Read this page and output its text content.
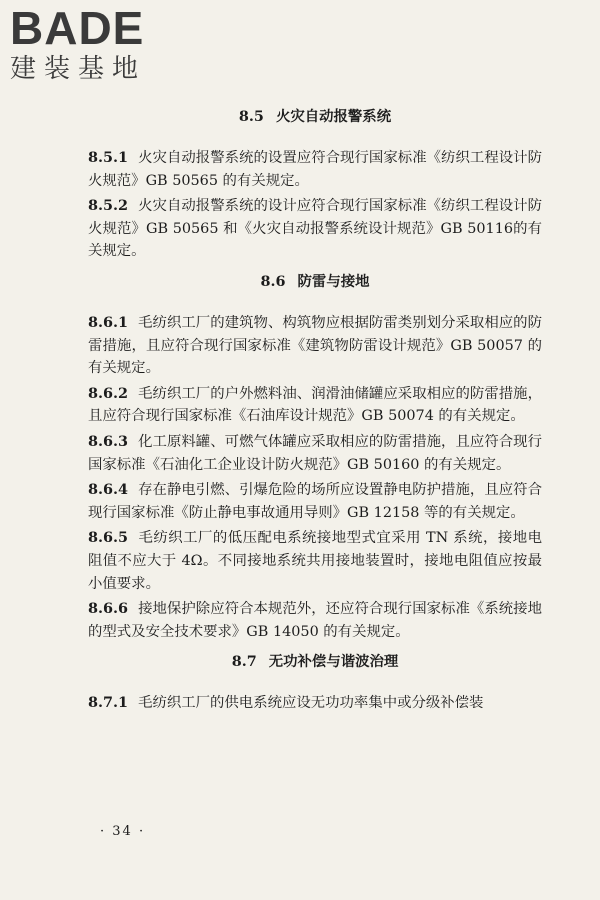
BADE
建装基地
8.5 火灾自动报警系统

8.5.1 火灾自动报警系统的设置应符合现行国家标准《纺织工程设计防火规范》GB 50565 的有关规定。

8.5.2 火灾自动报警系统的设计应符合现行国家标准《纺织工程设计防火规范》GB 50565 和《火灾自动报警系统设计规范》GB 50116的有关规定。

8.6 防雷与接地

8.6.1 毛纺织工厂的建筑物、构筑物应根据防雷类别划分采取相应的防雷措施，且应符合现行国家标准《建筑物防雷设计规范》GB 50057 的有关规定。

8.6.2 毛纺织工厂的户外燃料油、润滑油储罐应采取相应的防雷措施，且应符合现行国家标准《石油库设计规范》GB 50074 的有关规定。

8.6.3 化工原料罐、可燃气体罐应采取相应的防雷措施，且应符合现行国家标准《石油化工企业设计防火规范》GB 50160 的有关规定。

8.6.4 存在静电引燃、引爆危险的场所应设置静电防护措施，且应符合现行国家标准《防止静电事故通用导则》GB 12158 等的有关规定。

8.6.5 毛纺织工厂的低压配电系统接地型式宜采用 TN 系统，接地电阻值不应大于 4Ω。不同接地系统共用接地装置时，接地电阻值应按最小值要求。

8.6.6 接地保护除应符合本规范外，还应符合现行国家标准《系统接地的型式及安全技术要求》GB 14050 的有关规定。

8.7 无功补偿与谐波治理

8.7.1 毛纺织工厂的供电系统应设无功功率集中或分级补偿装

· 34 ·
